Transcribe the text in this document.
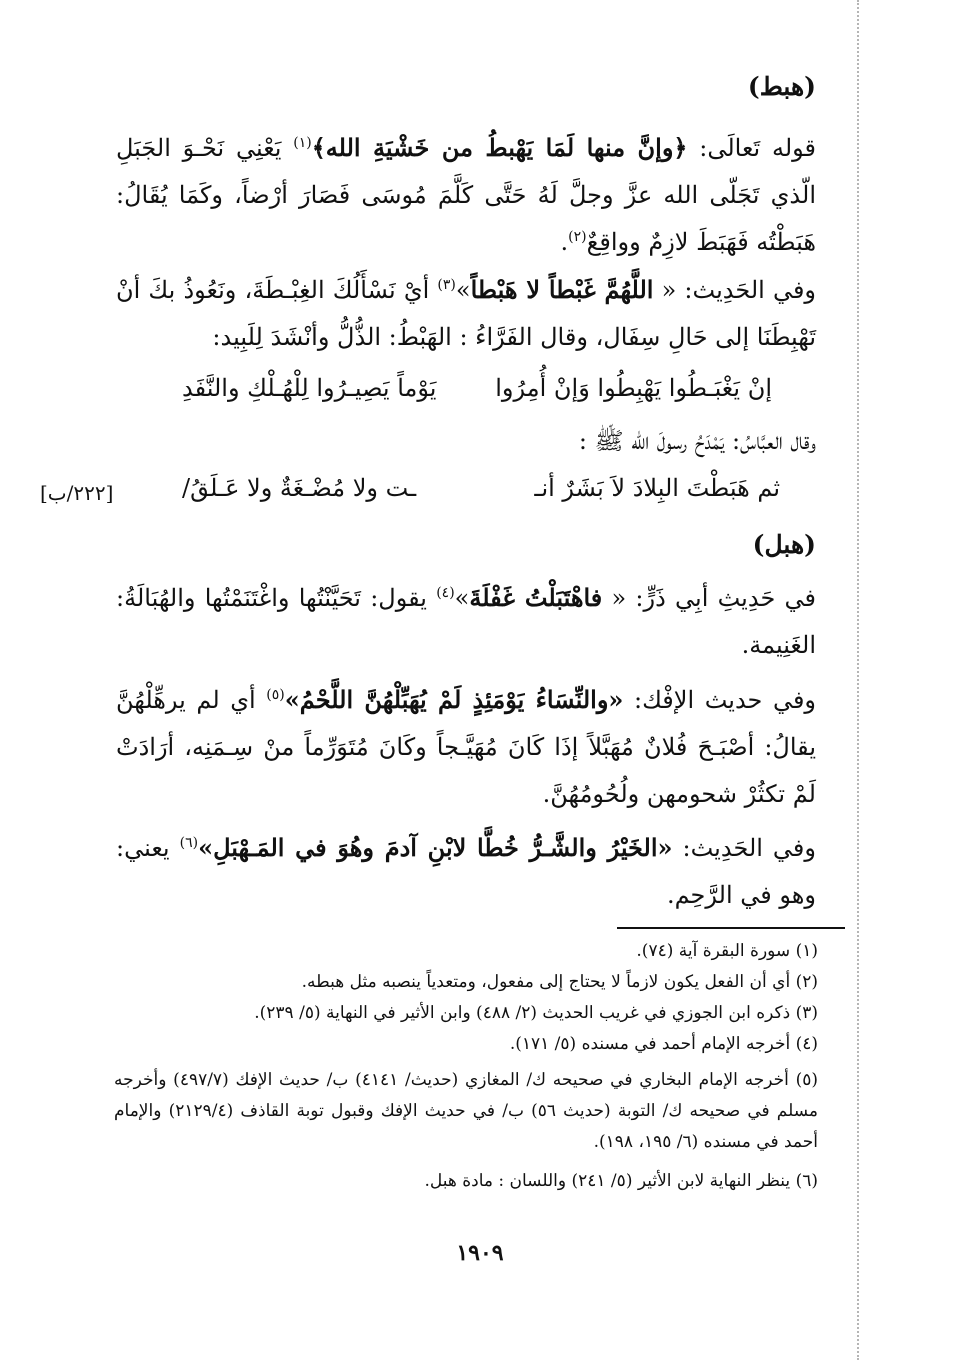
(هبط)
قوله تَعالَى: ﴿وإنَّ منها لَمَا يَهْبطُ من خَشْيَةِ الله﴾$^{(١)}$ يَعْنِي نَحْـوَ الجَبَلِ الّذي تَجَلّى الله عزَّ وجلَّ لَهُ حَتَّى كَلَّمَ مُوسَى فَصَارَ أرْضاً، وكَمَا يُقَالُ: هَبَطْتُه فَهَبَطَ لازِمٌ وواقِعٌ$^{(٢)}$.
وفي الحَدِيث: « اللَّهُمَّ غَبْطاً لا هَبْطاً»$^{(٣)}$ أيْ نَسْأَلُكَ الغِبْـطَةَ، ونَعُوذُ بكَ أنْ تَهْبِطَنَا إلى حَالِ سِفَال، وقال الفَرَّاءُ : الهَبْطُ: الذُّلُّ وأنْشَدَ لِلَبِيد:
إنْ يَغْبَـطُوا يَهْبِطُوا وَإنْ أُمِرُوا
يَوْماً يَصِيـرُوا لِلْهُـلْكِ والنَّفَدِ
وقال العبَّاسُ: يَمْدَحُ رسولَ الله ﷺ :
ثم هَبَطْتَ البِلادَ لاَ بَشَرٌ أنـ
ـت ولا مُضْـغَةٌ ولا عَـلَقُ/
[٢٢٢/ب]
(هبل)
في حَدِيثِ أبِي ذَرٍّ: « فاهْتَبَلْتُ غَفْلَةَ»$^{(٤)}$ يقول: تَحَيَّنْتُها واغْتَنَمْتُها والهُبَالَةُ: الغَنِيمة.
وفي حديث الإفْك: «والنِّسَاءُ يَوْمَئِذٍ لَمْ يُهَبِّلْهُنَّ اللَّحْمُ»$^{(٥)}$ أي لم يرهِّلْهُنَّ يقالُ: أصْبَـحَ فُلانٌ مُهَبَّلاً إذَا كَانَ مُهَيَّـجاً وكَانَ مُتَوَرِّماً منْ سِـمَنِه، أرَادَتْ لَمْ تكثُرْ شحومهن ولُحُومُهُنَّ.
وفي الحَدِيث: «الخَيْرُ والشَّـرُّ خُطَّا لابْنِ آدمَ وهُوَ في المَـهْبَلِ»$^{(٦)}$ يعني: وهو في الرَّحِم.
(١) سورة البقرة آية (٧٤).
(٢) أي أن الفعل يكون لازماً لا يحتاج إلى مفعول، ومتعدياً ينصبه مثل هبطه.
(٣) ذكره ابن الجوزي في غريب الحديث (٢/ ٤٨٨) وابن الأثير في النهاية (٥/ ٢٣٩).
(٤) أخرجه الإمام أحمد في مسنده (٥/ ١٧١).
(٥) أخرجه الإمام البخاري في صحيحه ك/ المغازي (حديث/ ٤١٤١) ب/ حديث الإفك (٤٩٧/٧) وأخرجه مسلم في صحيحه ك/ التوبة (حديث ٥٦) ب/ في حديث الإفك وقبول توبة القاذف (٢١٢٩/٤) والإمام أحمد في مسنده (٦/ ١٩٥، ١٩٨).
(٦) ينظر النهاية لابن الأثير (٥/ ٢٤١) واللسان : مادة هبل.
١٩٠٩
